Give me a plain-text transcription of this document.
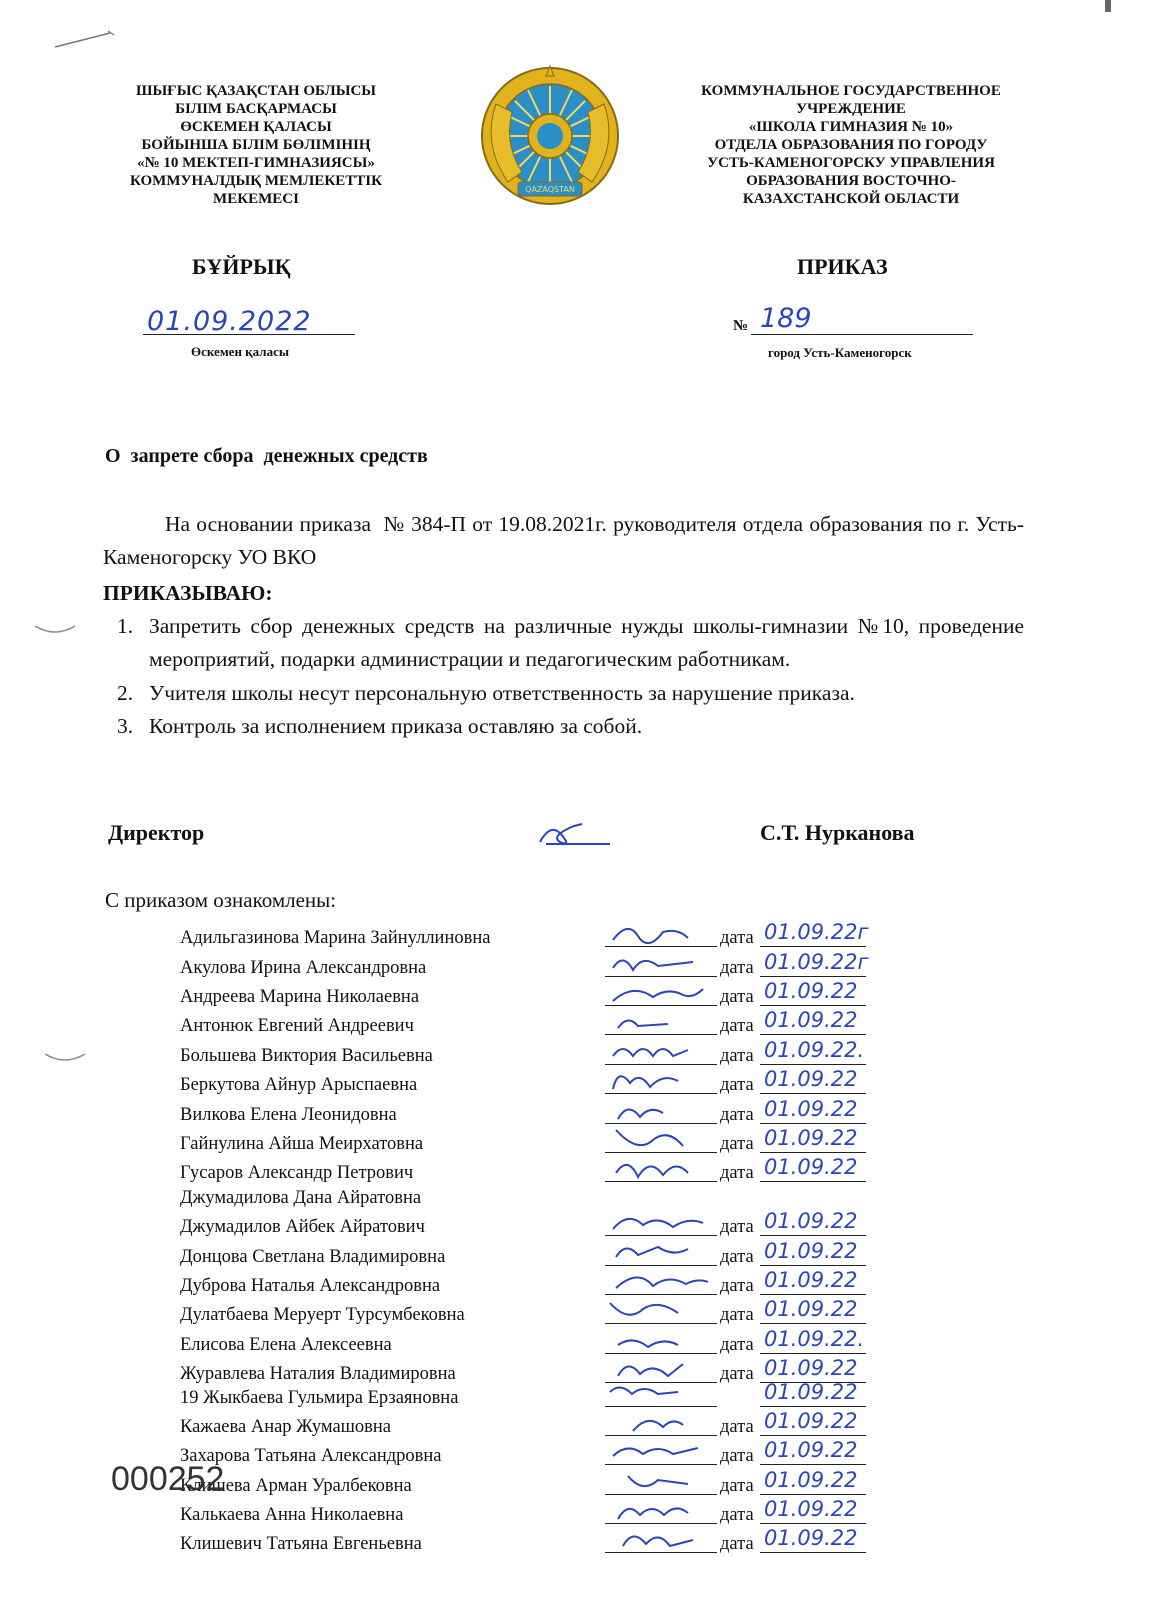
ШЫҒЫС ҚАЗАҚСТАН ОБЛЫСЫ
БІЛІМ БАСҚАРМАСЫ
ӨСКЕМЕН ҚАЛАСЫ
БОЙЫНША БІЛІМ БӨЛІМІНІҢ
«№ 10 МЕКТЕП-ГИМНАЗИЯСЫ»
КОММУНАЛДЫҚ МЕМЛЕКЕТТІК
МЕКЕМЕСІ
QAZAQSTAN
КОММУНАЛЬНОЕ ГОСУДАРСТВЕННОЕ
УЧРЕЖДЕНИЕ
«ШКОЛА ГИМНАЗИЯ № 10»
ОТДЕЛА ОБРАЗОВАНИЯ ПО ГОРОДУ
УСТЬ-КАМЕНОГОРСКУ УПРАВЛЕНИЯ
ОБРАЗОВАНИЯ ВОСТОЧНО-
КАЗАХСТАНСКОЙ ОБЛАСТИ
БҰЙРЫҚ	ПРИКАЗ
01.09.2022
Өскемен қаласы
№ 189
город Усть-Каменогорск
О  запрете сбора  денежных средств
На основании приказа  № 384-П от 19.08.2021г. руководителя отдела образования по г. Усть-Каменогорску УО ВКО
ПРИКАЗЫВАЮ:
1. Запретить сбор денежных средств на различные нужды школы-гимназии №10, проведение мероприятий, подарки администрации и педагогическим работникам.
2. Учителя школы несут персональную ответственность за нарушение приказа.
3. Контроль за исполнением приказа оставляю за собой.
Директор	С.Т. Нурканова
С приказом ознакомлены:
Адильгазинова Марина Зайнуллиновна	дата 01.09.22г
Акулова Ирина Александровна	дата 01.09.22г
Андреева Марина Николаевна	дата 01.09.22
Антонюк Евгений Андреевич	дата 01.09.22
Большева Виктория Васильевна	дата 01.09.22.
Беркутова Айнур Арыспаевна	дата 01.09.22
Вилкова Елена Леонидовна	дата 01.09.22
Гайнулина Айша Меирхатовна	дата 01.09.22
Гусаров Александр Петрович	дата 01.09.22
Джумадилова Дана Айратовна
Джумадилов Айбек Айратович	дата 01.09.22
Донцова Светлана Владимировна	дата 01.09.22
Дуброва Наталья Александровна	дата 01.09.22
Дулатбаева Меруерт Турсумбековна	дата 01.09.22
Елисова Елена Алексеевна	дата 01.09.22.
Журавлева Наталия Владимировна	дата 01.09.22
19 Жыкбаева Гульмира Ерзаяновна	01.09.22
Кажаева Анар Жумашовна	дата 01.09.22
Захарова Татьяна Александровна	дата 01.09.22
Клишева Арман Уралбековна	дата 01.09.22
Калькаева Анна Николаевна	дата 01.09.22
Клишевич Татьяна Евгеньевна	дата 01.09.22
000252
